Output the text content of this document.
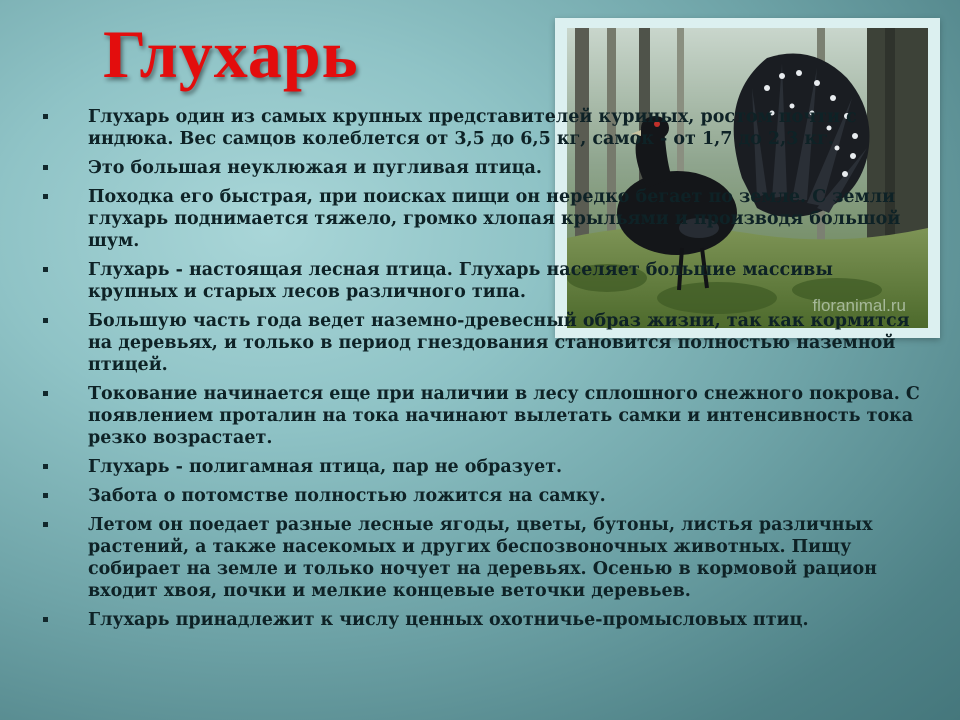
Глухарь
floranimal.ru
Глухарь один из самых крупных представителей куриных, ростом почти с индюка. Вес самцов колеблется от 3,5 до 6,5 кг, самок - от 1,7 до 2,3 кг.
Это большая неуклюжая и пугливая птица.
Походка его быстрая, при поисках пищи он нередко бегает по земле. С земли глухарь поднимается тяжело, громко хлопая крыльями и производя большой шум.
Глухарь - настоящая лесная птица. Глухарь населяет большие массивы крупных и старых лесов различного типа.
Большую часть года ведет наземно-древесный образ жизни, так как кормится на деревьях, и только в период гнездования становится полностью наземной птицей.
Токование начинается еще при наличии в лесу сплошного снежного покрова. С появлением проталин на тока начинают вылетать самки и интенсивность тока резко возрастает.
Глухарь - полигамная птица, пар не образует.
Забота о потомстве полностью ложится на самку.
Летом он поедает разные лесные ягоды, цветы, бутоны, листья различных растений, а также насекомых и других беспозвоночных животных. Пищу собирает на земле и только ночует на деревьях. Осенью в кормовой рацион входит хвоя, почки и мелкие концевые веточки деревьев.
Глухарь принадлежит к числу ценных охотничье-промысловых птиц.
